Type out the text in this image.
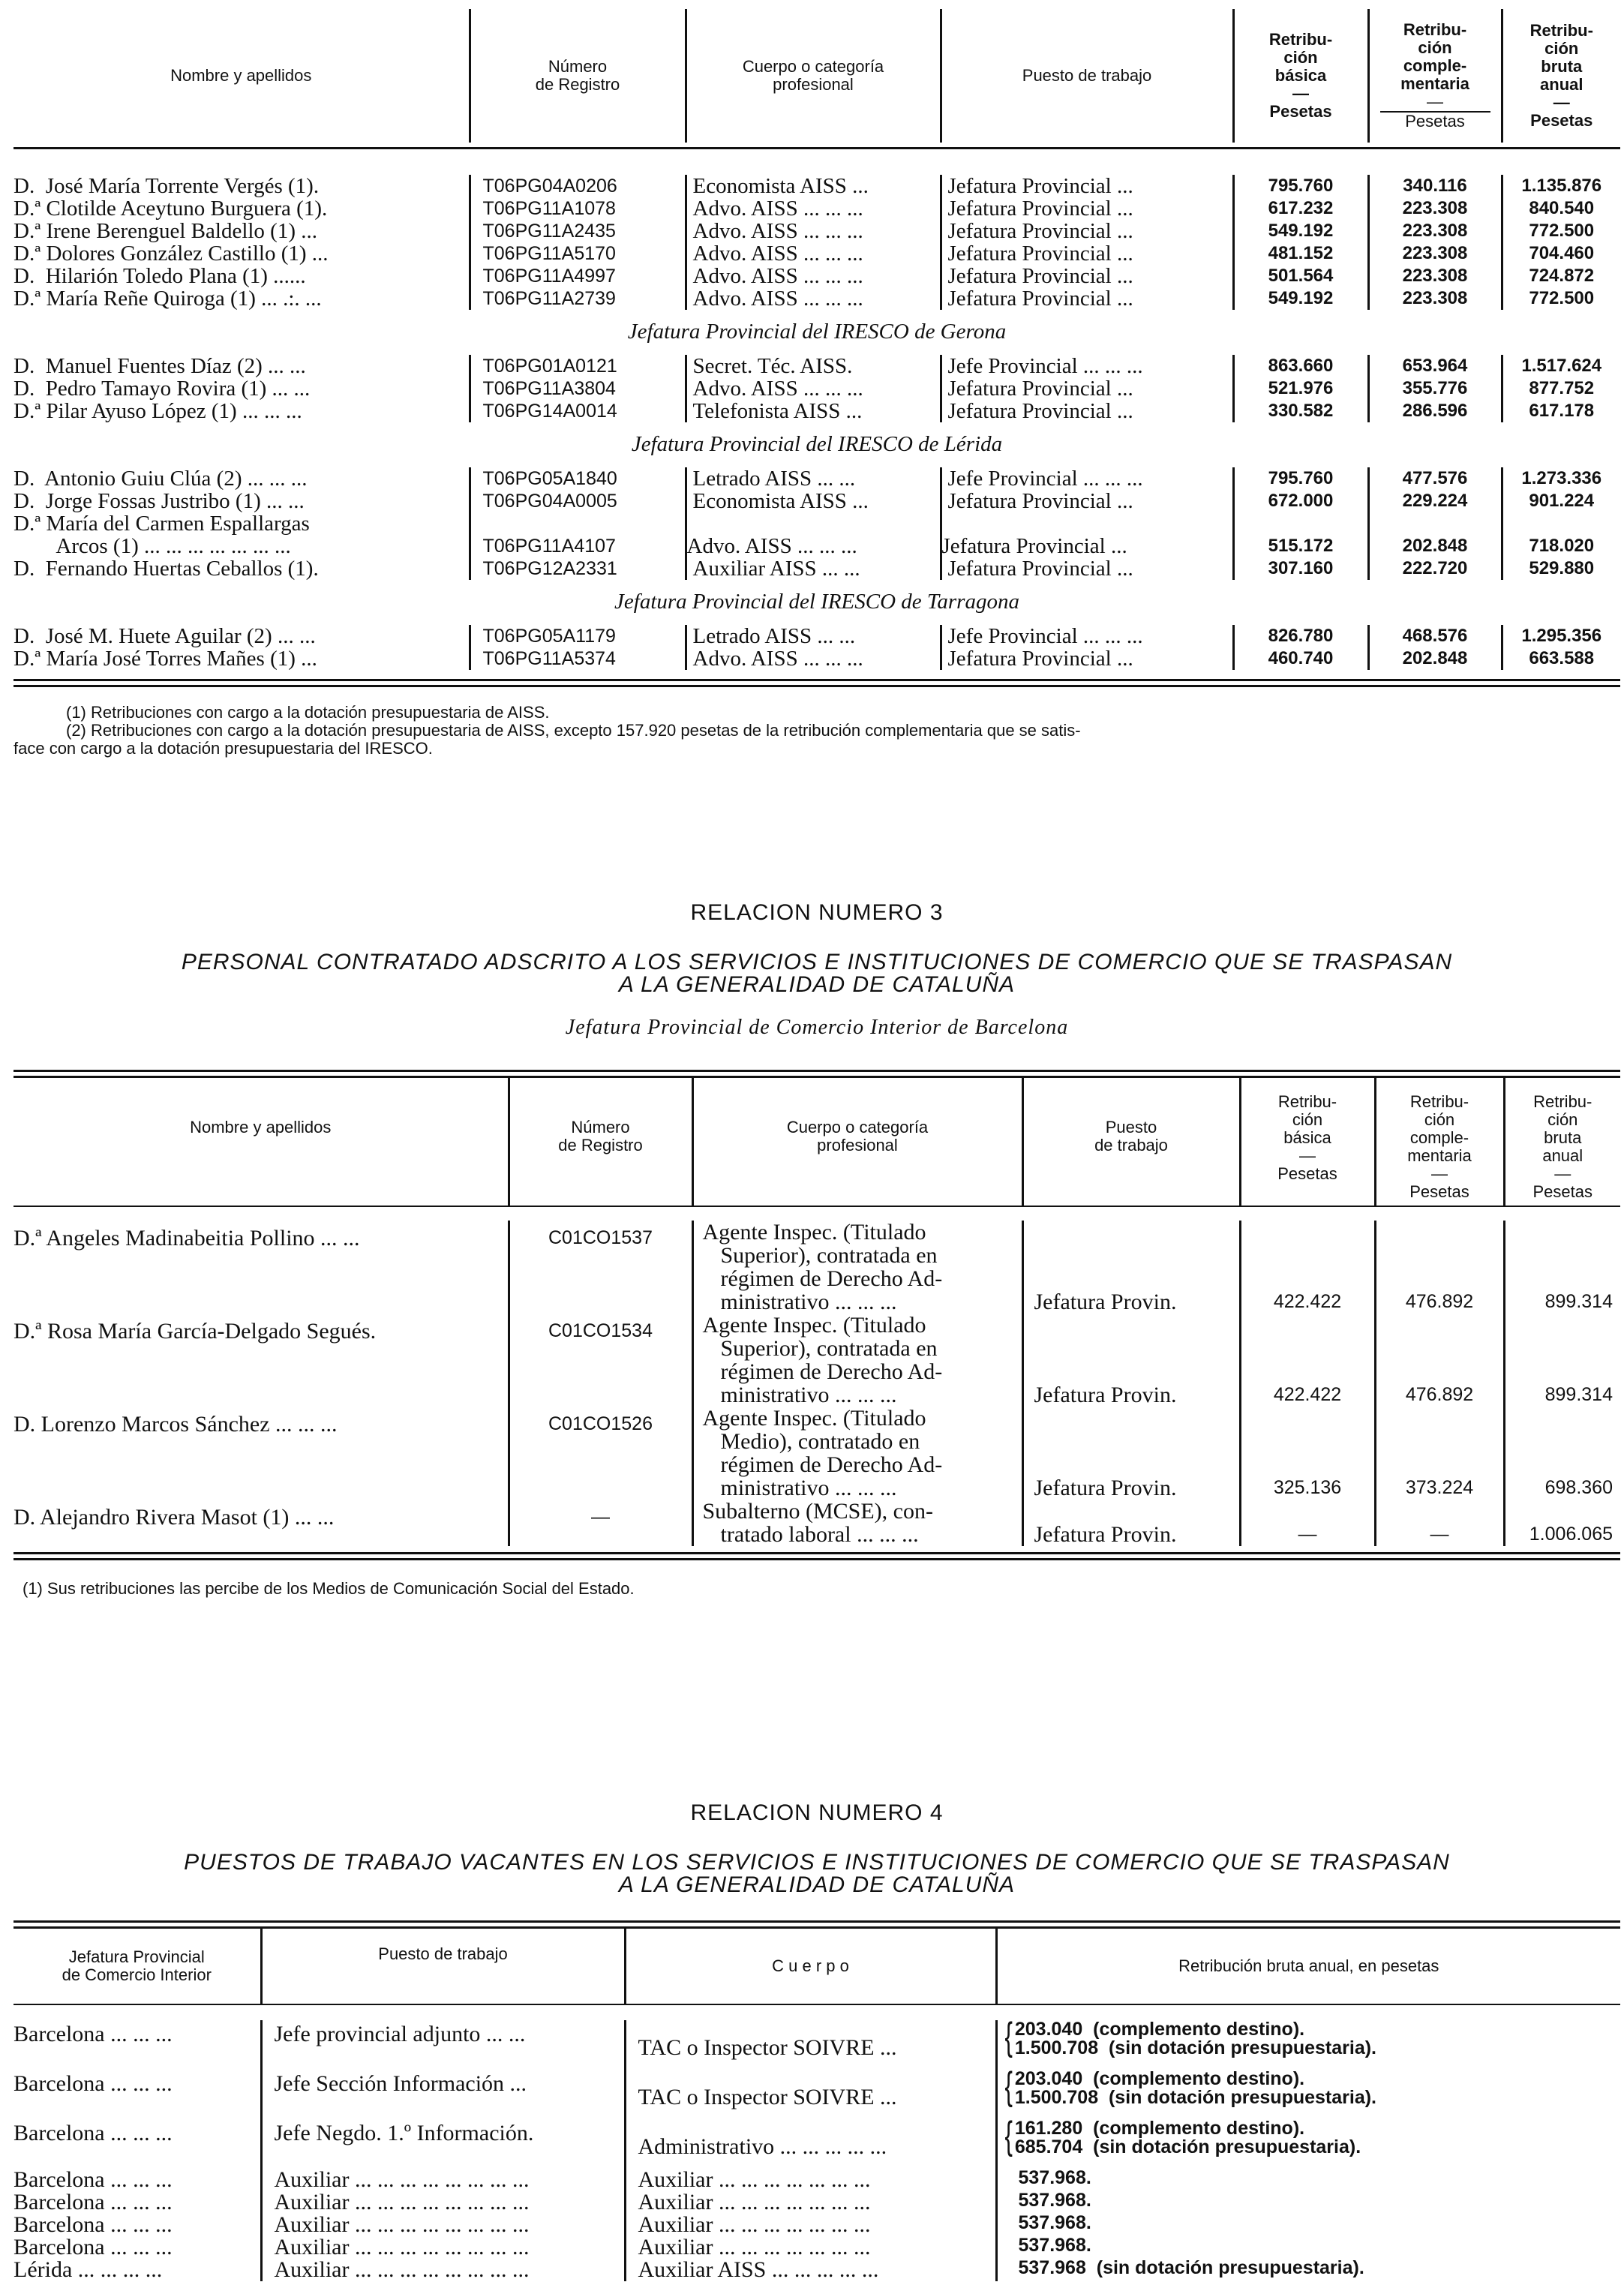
Nombre y apellidos	Número
de Registro

Cuerpo o categoría
profesional	Puesto de trabajo	
Retribu-
ción
básica
—
Pesetas

Retribu-
ción
comple-
mentaria
—
Pesetas

Retribu-
ción
bruta
anual
—
Pesetas
D.  José María Torrente Vergés (1).	T06PG04A0206	Economista AISS ...	Jefatura Provincial ...	795.760	340.116	1.135.876
D.ª Clotilde Aceytuno Burguera (1).	T06PG11A1078	Advo. AISS ... ... ...	Jefatura Provincial ...	617.232	223.308	840.540
D.ª Irene Berenguel Baldello (1) ...	T06PG11A2435	Advo. AISS ... ... ...	Jefatura Provincial ...	549.192	223.308	772.500
D.ª Dolores González Castillo (1) ...	T06PG11A5170	Advo. AISS ... ... ...	Jefatura Provincial ...	481.152	223.308	704.460
D.  Hilarión Toledo Plana (1) ......	T06PG11A4997	Advo. AISS ... ... ...	Jefatura Provincial ...	501.564	223.308	724.872
D.ª María Reñe Quiroga (1) ... .:. ...	T06PG11A2739	Advo. AISS ... ... ...	Jefatura Provincial ...	549.192	223.308	772.500
Jefatura Provincial del IRESCO de Gerona						
D.  Manuel Fuentes Díaz (2) ... ...	T06PG01A0121	Secret. Téc. AISS.	Jefe Provincial ... ... ...	863.660	653.964	1.517.624
D.  Pedro Tamayo Rovira (1) ... ...	T06PG11A3804	Advo. AISS ... ... ...	Jefatura Provincial ...	521.976	355.776	877.752
D.ª Pilar Ayuso López (1) ... ... ...	T06PG14A0014	Telefonista AISS ...	Jefatura Provincial ...	330.582	286.596	617.178
Jefatura Provincial del IRESCO de Lérida						
D.  Antonio Guiu Clúa (2) ... ... ...	T06PG05A1840	Letrado AISS ... ...	Jefe Provincial ... ... ...	795.760	477.576	1.273.336
D.  Jorge Fossas Justribo (1) ... ...	T06PG04A0005	Economista AISS ...	Jefatura Provincial ...	672.000	229.224	901.224

D.ª María del Carmen Espallargas
Arcos (1) ... ... ... ... ... ... ...	T06PG11A4107	Advo. AISS ... ... ...	Jefatura Provincial ...	515.172	202.848	718.020

D.  Fernando Huertas Ceballos (1).	T06PG12A2331	Auxiliar AISS ... ...	Jefatura Provincial ...	307.160	222.720	529.880
Jefatura Provincial del IRESCO de Tarragona						
D.  José M. Huete Aguilar (2) ... ...	T06PG05A1179	Letrado AISS ... ...	Jefe Provincial ... ... ...	826.780	468.576	1.295.356
D.ª María José Torres Mañes (1) ...	T06PG11A5374	Advo. AISS ... ... ...	Jefatura Provincial ...	460.740	202.848	663.588
(1) Retribuciones con cargo a la dotación presupuestaria de AISS.
(2) Retribuciones con cargo a la dotación presupuestaria de AISS, excepto 157.920 pesetas de la retribución complementaria que se satis-
face con cargo a la dotación presupuestaria del IRESCO.
RELACION NUMERO 3
PERSONAL CONTRATADO ADSCRITO A LOS SERVICIOS E INSTITUCIONES DE COMERCIO QUE SE TRASPASAN
A LA GENERALIDAD DE CATALUÑA
Jefatura Provincial de Comercio Interior de Barcelona
Nombre y apellidos	Número
de Registro

Cuerpo o categoría
profesional

Puesto
de trabajo

Retribu-
ción
básica
—
Pesetas

Retribu-
ción
comple-
mentaria
—
Pesetas

Retribu-
ción
bruta
anual
—
Pesetas
D.ª Angeles Madinabeitia Pollino ... ...	C01CO1537	Agente Inspec. (Titulado
Superior), contratada en
régimen de Derecho Ad-
ministrativo ... ... ...	Jefatura Provin.	422.422	476.892	899.314
D.ª Rosa María García-Delgado Segués.	C01CO1534	Agente Inspec. (Titulado
Superior), contratada en
régimen de Derecho Ad-
ministrativo ... ... ...	Jefatura Provin.	422.422	476.892	899.314
D. Lorenzo Marcos Sánchez ... ... ...	C01CO1526	Agente Inspec. (Titulado
Medio), contratado en
régimen de Derecho Ad-
ministrativo ... ... ...	Jefatura Provin.	325.136	373.224	698.360
D. Alejandro Rivera Masot (1) ... ...	—	Subalterno (MCSE), con-
tratado laboral ... ... ...	Jefatura Provin.	—	—	1.006.065
(1) Sus retribuciones las percibe de los Medios de Comunicación Social del Estado.
RELACION NUMERO 4
PUESTOS DE TRABAJO VACANTES EN LOS SERVICIOS E INSTITUCIONES DE COMERCIO QUE SE TRASPASAN
A LA GENERALIDAD DE CATALUÑA
Jefatura Provincial
de Comercio Interior
	Puesto de trabajo	C u e r p o	Retribución bruta anual, en pesetas
Barcelona ... ... ...	Jefe provincial adjunto ... ...	TAC o Inspector SOIVRE ...	{ 203.040  (complemento destino).
1.500.708  (sin dotación presupuestaria).

Barcelona ... ... ...	Jefe Sección Información ...	TAC o Inspector SOIVRE ...	{ 203.040  (complemento destino).
1.500.708  (sin dotación presupuestaria).

Barcelona ... ... ...	Jefe Negdo. 1.º Información.	Administrativo ... ... ... ... ...	{ 161.280  (complemento destino).
685.704  (sin dotación presupuestaria).

Barcelona ... ... ...	Auxiliar ... ... ... ... ... ... ... ...	Auxiliar ... ... ... ... ... ... ...	537.968.

Barcelona ... ... ...	Auxiliar ... ... ... ... ... ... ... ...	Auxiliar ... ... ... ... ... ... ...	537.968.

Barcelona ... ... ...	Auxiliar ... ... ... ... ... ... ... ...	Auxiliar ... ... ... ... ... ... ...	537.968.

Barcelona ... ... ...	Auxiliar ... ... ... ... ... ... ... ...	Auxiliar ... ... ... ... ... ... ...	537.968.

Lérida ... ... ... ...	Auxiliar ... ... ... ... ... ... ... ...	Auxiliar AISS ... ... ... ... ...	537.968  (sin dotación presupuestaria).
